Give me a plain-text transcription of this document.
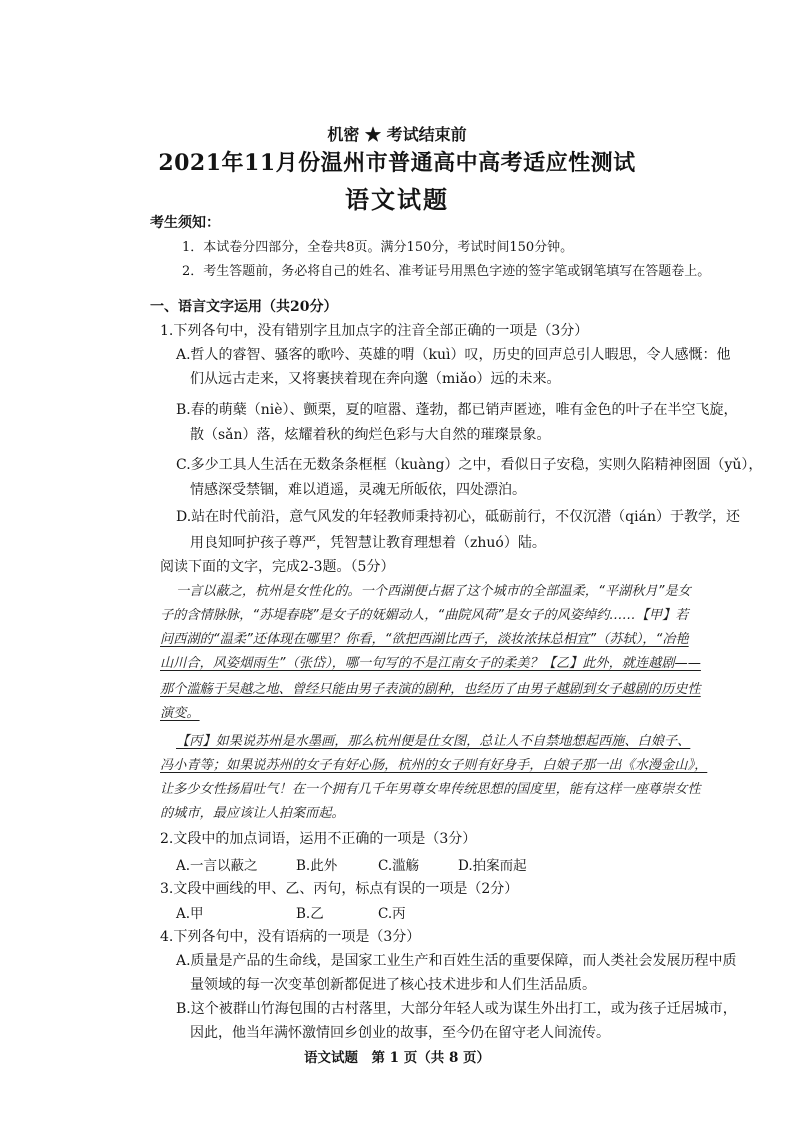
机密 ★ 考试结束前
2021年11月份温州市普通高中高考适应性测试
语文试题
考生须知：
1．本试卷分四部分，全卷共8页。满分150分，考试时间150分钟。
2．考生答题前，务必将自己的姓名、准考证号用黑色字迹的签字笔或钢笔填写在答题卷上。
一、语言文字运用（共20分）
1.下列各句中，没有错别字且加点字的注音全部正确的一项是（3分）
A.哲人的睿智、骚客的歌吟、英雄的喟（kuì）叹，历史的回声总引人暇思，令人感慨：他
们从远古走来，又将裹挟着现在奔向邈（miǎo）远的未来。
B.春的萌蘖（niè）、颤栗，夏的喧嚣、蓬勃，都已销声匿迹，唯有金色的叶子在半空飞旋，
散（sǎn）落，炫耀着秋的绚烂色彩与大自然的璀璨景象。
C.多少工具人生活在无数条条框框（kuàng）之中，看似日子安稳，实则久陷精神囹圄（yǔ），
情感深受禁锢，难以逍遥，灵魂无所皈依，四处漂泊。
D.站在时代前沿，意气风发的年轻教师秉持初心，砥砺前行，不仅沉潜（qián）于教学，还
用良知呵护孩子尊严，凭智慧让教育理想着（zhuó）陆。
阅读下面的文字，完成2-3题。（5分）
一言以蔽之，杭州是女性化的。一个西湖便占据了这个城市的全部温柔，“平湖秋月”是女
子的含情脉脉，“苏堤春晓”是女子的妩媚动人，“曲院风荷”是女子的风姿绰约……【甲】若
问西湖的“温柔”还体现在哪里？你看，“欲把西湖比西子，淡妆浓抹总相宜”（苏轼），“冶艳
山川合，风姿烟雨生”（张岱），哪一句写的不是江南女子的柔美？【乙】此外，就连越剧——
那个滥觞于吴越之地、曾经只能由男子表演的剧种，也经历了由男子越剧到女子越剧的历史性
演变。
【丙】如果说苏州是水墨画，那么杭州便是仕女图，总让人不自禁地想起西施、白娘子、
冯小青等；如果说苏州的女子有好心肠，杭州的女子则有好身手，白娘子那一出《水漫金山》，
让多少女性扬眉吐气！在一个拥有几千年男尊女卑传统思想的国度里，能有这样一座尊崇女性
的城市，最应该让人拍案而起。
2.文段中的加点词语，运用不正确的一项是（3分）
A.一言以蔽之	B.此外	C.滥觞	D.拍案而起
3.文段中画线的甲、乙、丙句，标点有误的一项是（2分）
A.甲	B.乙	C.丙
4.下列各句中，没有语病的一项是（3分）
A.质量是产品的生命线，是国家工业生产和百姓生活的重要保障，而人类社会发展历程中质
量领域的每一次变革创新都促进了核心技术进步和人们生活品质。
B.这个被群山竹海包围的古村落里，大部分年轻人或为谋生外出打工，或为孩子迁居城市，
因此，他当年满怀激情回乡创业的故事，至今仍在留守老人间流传。
语文试题　第 1 页（共 8 页）
